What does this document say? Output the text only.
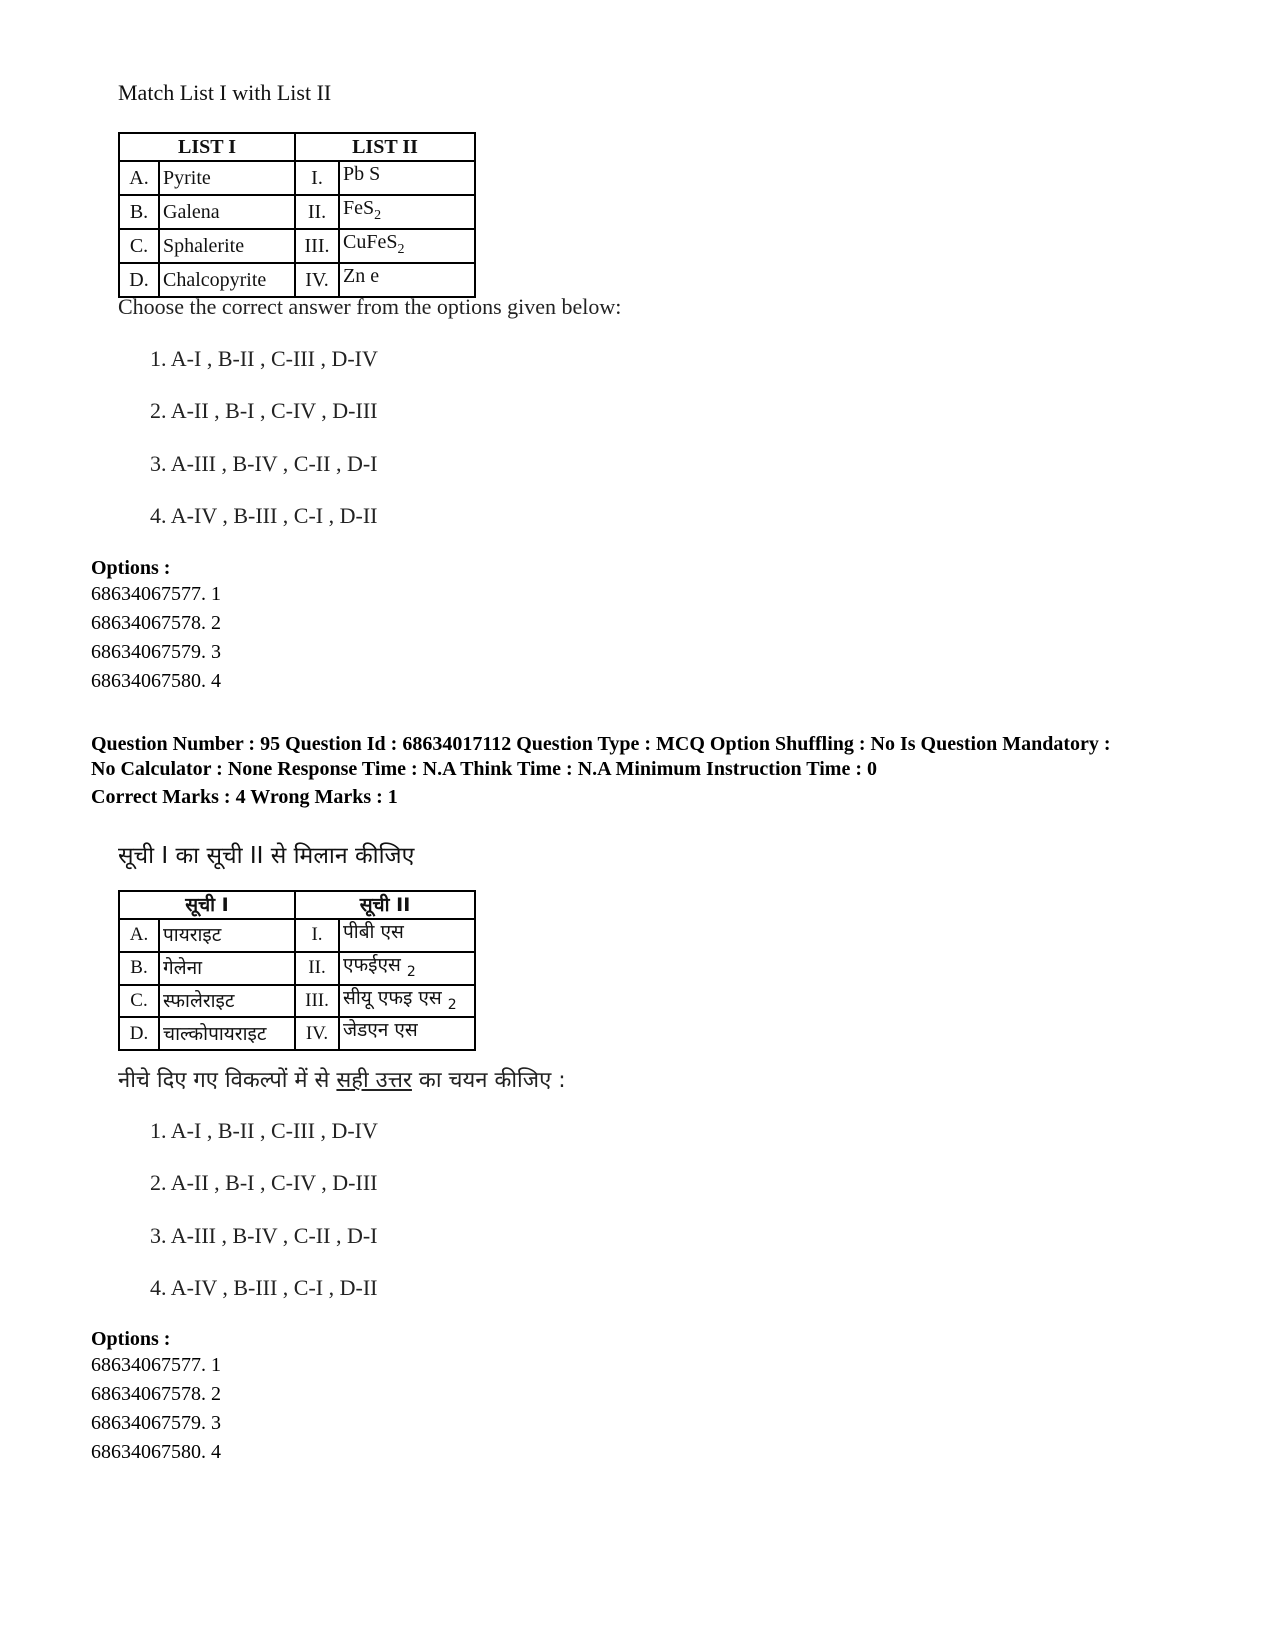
Match List I with List II
LIST I		LIST II	
A.	Pyrite	I.	Pb S
B.	Galena	II.	FeS$_2$
C.	Sphalerite	III.	CuFeS$_2$
D.	Chalcopyrite	IV.	Zn e
Choose the correct answer from the options given below:
1. A-I , B-II , C-III , D-IV
2. A-II , B-I , C-IV , D-III
3. A-III , B-IV , C-II , D-I
4. A-IV , B-III , C-I , D-II
Options :
68634067577. 1
68634067578. 2
68634067579. 3
68634067580. 4
Question Number : 95 Question Id : 68634017112 Question Type : MCQ Option Shuffling : No Is Question Mandatory :
No Calculator : None Response Time : N.A Think Time : N.A Minimum Instruction Time : 0
Correct Marks : 4 Wrong Marks : 1
सूची I का सूची II से मिलान कीजिए
सूची I		सूची II	
A.	पायराइट	I.	पीबी एस
B.	गेलेना	II.	एफईएस $_2$
C.	स्फालेराइट	III.	सीयू एफइ एस $_2$
D.	चाल्कोपायराइट	IV.	जेडएन एस
नीचे दिए गए विकल्पों में से सही उत्तर का चयन कीजिए :
1. A-I , B-II , C-III , D-IV
2. A-II , B-I , C-IV , D-III
3. A-III , B-IV , C-II , D-I
4. A-IV , B-III , C-I , D-II
Options :
68634067577. 1
68634067578. 2
68634067579. 3
68634067580. 4
